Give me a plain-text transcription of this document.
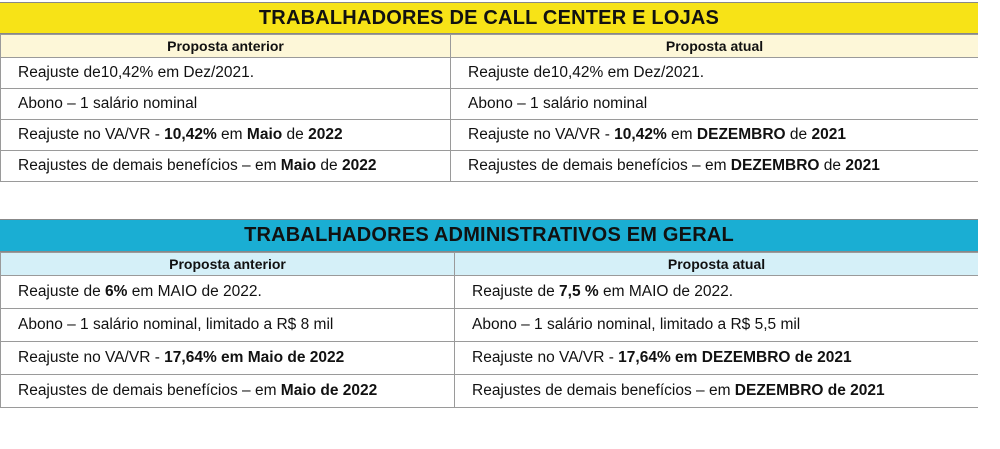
TRABALHADORES DE CALL CENTER E LOJAS
Proposta anterior	Proposta atual
Reajuste de10,42% em Dez/2021.	Reajuste de10,42% em Dez/2021.
Abono – 1 salário nominal	Abono – 1 salário nominal
Reajuste no VA/VR - 10,42% em Maio de 2022	Reajuste no VA/VR - 10,42% em DEZEMBRO de 2021
Reajustes de demais benefícios – em Maio de 2022	Reajustes de demais benefícios – em DEZEMBRO de 2021
TRABALHADORES ADMINISTRATIVOS EM GERAL
Proposta anterior	Proposta atual
Reajuste de 6% em MAIO de 2022.	Reajuste de 7,5 % em MAIO de 2022.
Abono – 1 salário nominal, limitado a R$ 8 mil	Abono – 1 salário nominal, limitado a R$ 5,5 mil
Reajuste no VA/VR - 17,64% em Maio de 2022	Reajuste no VA/VR - 17,64% em DEZEMBRO de 2021
Reajustes de demais benefícios – em Maio de 2022	Reajustes de demais benefícios – em DEZEMBRO de 2021
